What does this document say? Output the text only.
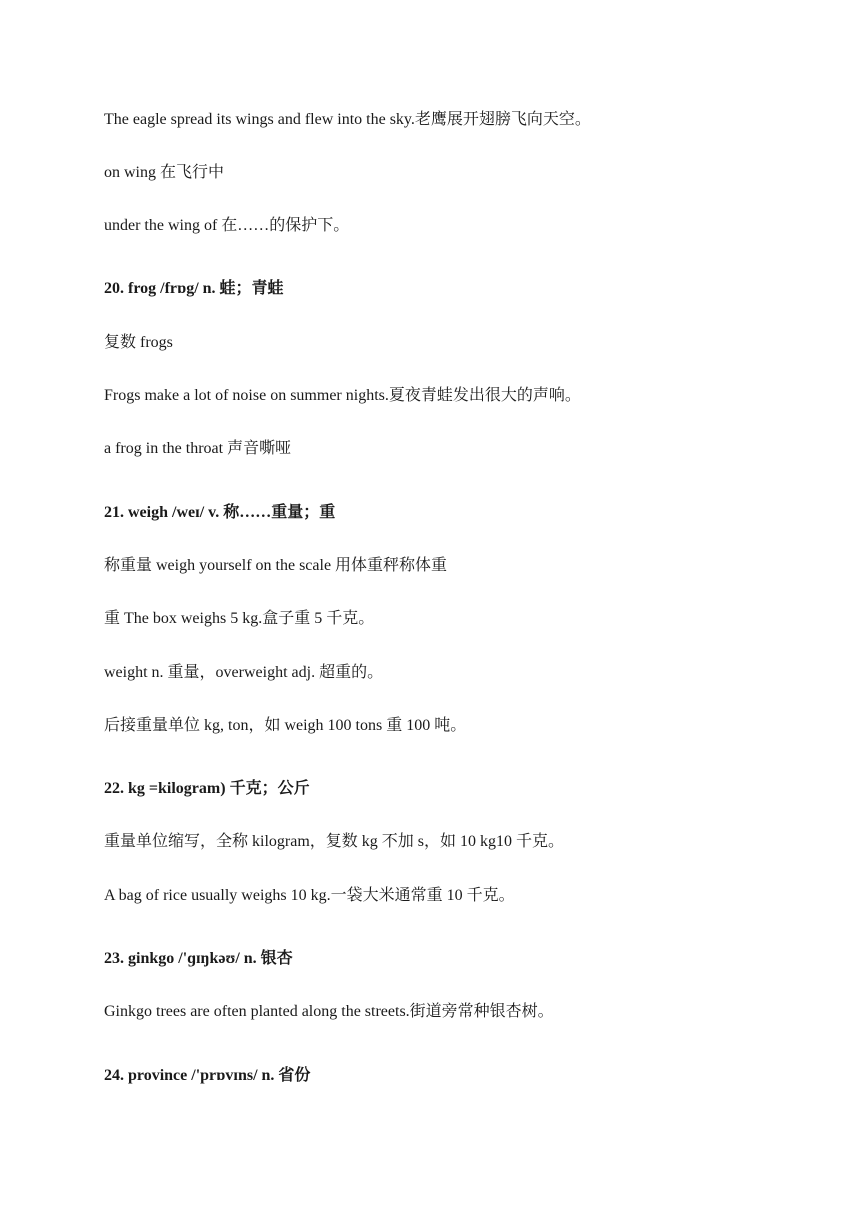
The eagle spread its wings and flew into the sky.老鹰展开翅膀飞向天空。
on wing 在飞行中
under the wing of 在……的保护下。
20. frog /frɒg/ n. 蛙；青蛙
复数 frogs
Frogs make a lot of noise on summer nights.夏夜青蛙发出很大的声响。
a frog in the throat 声音嘶哑
21. weigh /weɪ/ v. 称……重量；重
称重量 weigh yourself on the scale 用体重秤称体重
重 The box weighs 5 kg.盒子重 5 千克。
weight n. 重量，overweight adj. 超重的。
后接重量单位 kg, ton，如 weigh 100 tons 重 100 吨。
22. kg =kilogram) 千克；公斤
重量单位缩写，全称 kilogram，复数 kg 不加 s，如 10 kg10 千克。
A bag of rice usually weighs 10 kg.一袋大米通常重 10 千克。
23. ginkgo /'ɡɪŋkəʊ/ n. 银杏
Ginkgo trees are often planted along the streets.街道旁常种银杏树。
24. province /'prɒvɪns/ n. 省份
